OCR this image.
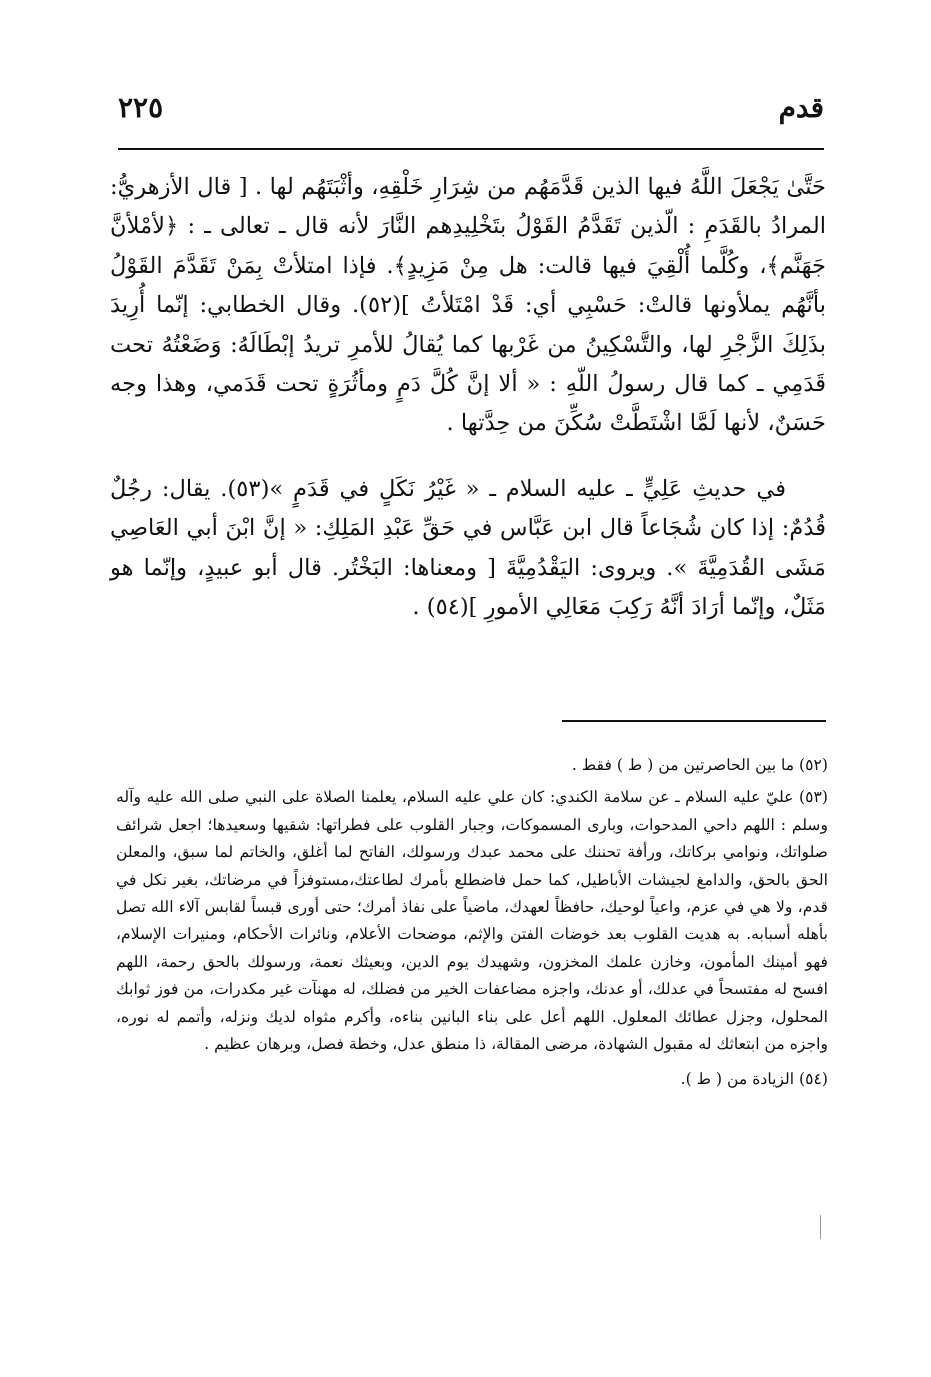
قدم
٢٢٥

حَتَّىٰ يَجْعَلَ اللَّهُ فيها الذين قَدَّمَهُم من شِرَارِ خَلْقِهِ، وأثْبَتَهُم لها . [ قال الأزهريُّ: المرادُ بالقَدَمِ : الّذين تَقَدَّمُ القَوْلُ بتَخْلِيدِهم النَّارَ لأنه قال ـ تعالى ـ : ﴿لأمْلأنَّ جَهَنَّم﴾، وكُلَّما أُلْقِيَ فيها قالت: هل مِنْ مَزِيدٍ﴾. فإذا امتلأتْ بِمَنْ تَقَدَّمَ القَوْلُ بأنَّهُم يملأونها قالتْ: حَسْبِي أي: قَدْ امْتَلأتُ ](٥٢). وقال الخطابي: إنّما أُرِيدَ بذَلِكَ الزَّجْرِ لها، والتَّسْكِينُ من غَرْبها كما يُقالُ للأمرِ تريدُ إبْطَالَهُ: وَضَعْتُهُ تحت قَدَمِي ـ كما قال رسولُ اللّهِ : « ألا إنَّ كُلَّ دَمٍ ومأثُرَةٍ تحت قَدَمي، وهذا وجه حَسَنٌ، لأنها لَمَّا اشْتَطَّتْ سُكِّنَ من حِدَّتها .

في حديثِ عَلِيٍّ ـ عليه السلام ـ « غَيْرُ نَكَلٍ في قَدَمٍ »(٥٣). يقال: رجُلٌ قُدُمٌ: إذا كان شُجَاعاً قال ابن عَبَّاس في حَقِّ عَبْدِ المَلِكِ: « إنَّ ابْنَ أبي العَاصِي مَشَى القُدَمِيَّةَ ». ويروى: اليَقْدُمِيَّةَ [ ومعناها: البَخْتُر. قال أبو عبيدٍ، وإنّما هو مَثَلٌ، وإنّما أرَادَ أنَّهُ رَكِبَ مَعَالِي الأمورِ ](٥٤) .

(٥٢) ما بين الحاصرتين من ( ط ) فقط .

(٥٣) عليّ عليه السلام ـ عن سلامة الكندي: كان علي عليه السلام، يعلمنا الصلاة على النبي صلى الله عليه وآله وسلم : اللهم داحي المدحوات، وبارى المسموكات، وجبار القلوب على فطراتها: شقيها وسعيدها؛ اجعل شرائف صلواتك، ونوامي بركاتك، ورأفة تحننك على محمد عبدك ورسولك، الفاتح لما أغلق، والخاتم لما سبق، والمعلن الحق بالحق، والدامغ لجيشات الأباطيل، كما حمل فاضطلع بأمرك لطاعتك،مستوفزاً في مرضاتك، بغير نكل في قدم، ولا هي في عزم، واعياً لوحيك، حافظاً لعهدك، ماضياً على نفاذ أمرك؛ حتى أورى قبساً لقابس آلاء الله تصل بأهله أسبابه. به هديت القلوب بعد خوضات الفتن والإثم، موضحات الأعلام، ونائرات الأحكام، ومنيرات الإسلام، فهو أمينك المأمون، وخازن علمك المخزون، وشهيدك يوم الدين، وبعيثك نعمة، ورسولك بالحق رحمة، اللهم افسح له مفتسحاً في عدلك، أو عدنك، واجزه مضاعفات الخير من فضلك، له مهنآت غير مكدرات، من فوز ثوابك المحلول، وجزل عطائك المعلول. اللهم أعل على بناء البانين بناءه، وأكرم مثواه لديك ونزله، وأتمم له نوره، واجزه من ابتعاثك له مقبول الشهادة، مرضى المقالة، ذا منطق عدل، وخطة فصل، وبرهان عظيم .

(٥٤) الزيادة من ( ط ).
